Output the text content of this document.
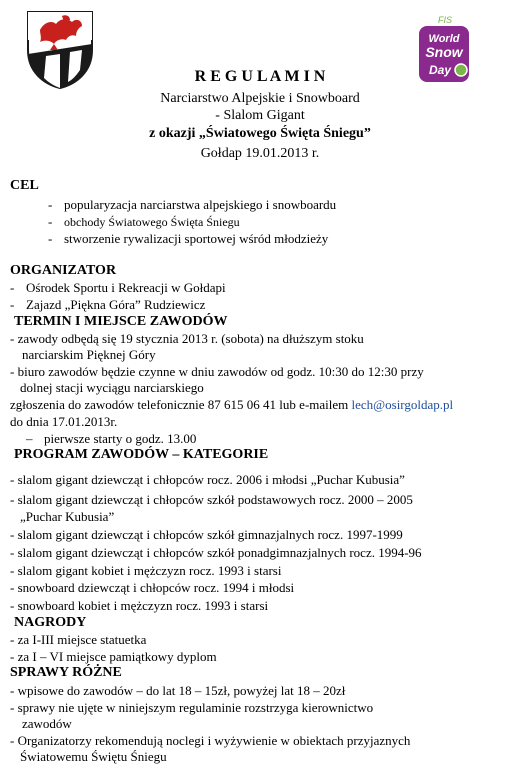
FIS
World
Snow
Day
R E G U L A M I N
Narciarstwo Alpejskie i Snowboard
- Slalom Gigant
z okazji „Światowego Święta Śniegu”
Gołdap 19.01.2013 r.
CEL
- popularyzacja narciarstwa alpejskiego i snowboardu
- obchody Światowego Święta Śniegu
- stworzenie rywalizacji sportowej wśród młodzieży
ORGANIZATOR
- Ośrodek Sportu i Rekreacji w Gołdapi
- Zajazd „Piękna Góra” Rudziewicz
TERMIN I MIEJSCE ZAWODÓW
- zawody odbędą się 19 stycznia 2013 r. (sobota) na dłuższym stoku
narciarskim Pięknej Góry
- biuro zawodów będzie czynne w dniu zawodów od godz. 10:30 do 12:30 przy
dolnej stacji wyciągu narciarskiego
zgłoszenia do zawodów telefonicznie 87 615 06 41 lub e-mailem lech@osirgoldap.pl
do dnia 17.01.2013r.
– pierwsze starty o godz. 13.00
PROGRAM ZAWODÓW – KATEGORIE
- slalom gigant dziewcząt i chłopców rocz. 2006 i młodsi „Puchar Kubusia”
- slalom gigant dziewcząt i chłopców szkół podstawowych rocz. 2000 – 2005
„Puchar Kubusia”
- slalom gigant dziewcząt i chłopców szkół gimnazjalnych rocz. 1997-1999
- slalom gigant dziewcząt i chłopców szkół ponadgimnazjalnych rocz. 1994-96
- slalom gigant kobiet i mężczyzn rocz. 1993 i starsi
- snowboard dziewcząt i chłopców rocz. 1994 i młodsi
- snowboard kobiet i mężczyzn rocz. 1993 i starsi
NAGRODY
- za I-III miejsce statuetka
- za I – VI miejsce pamiątkowy dyplom
SPRAWY RÓŻNE
- wpisowe do zawodów – do lat 18 – 15zł, powyżej lat 18 – 20zł
- sprawy nie ujęte w niniejszym regulaminie rozstrzyga kierownictwo
zawodów
- Organizatorzy rekomendują noclegi i wyżywienie w obiektach przyjaznych
Światowemu Świętu Śniegu
